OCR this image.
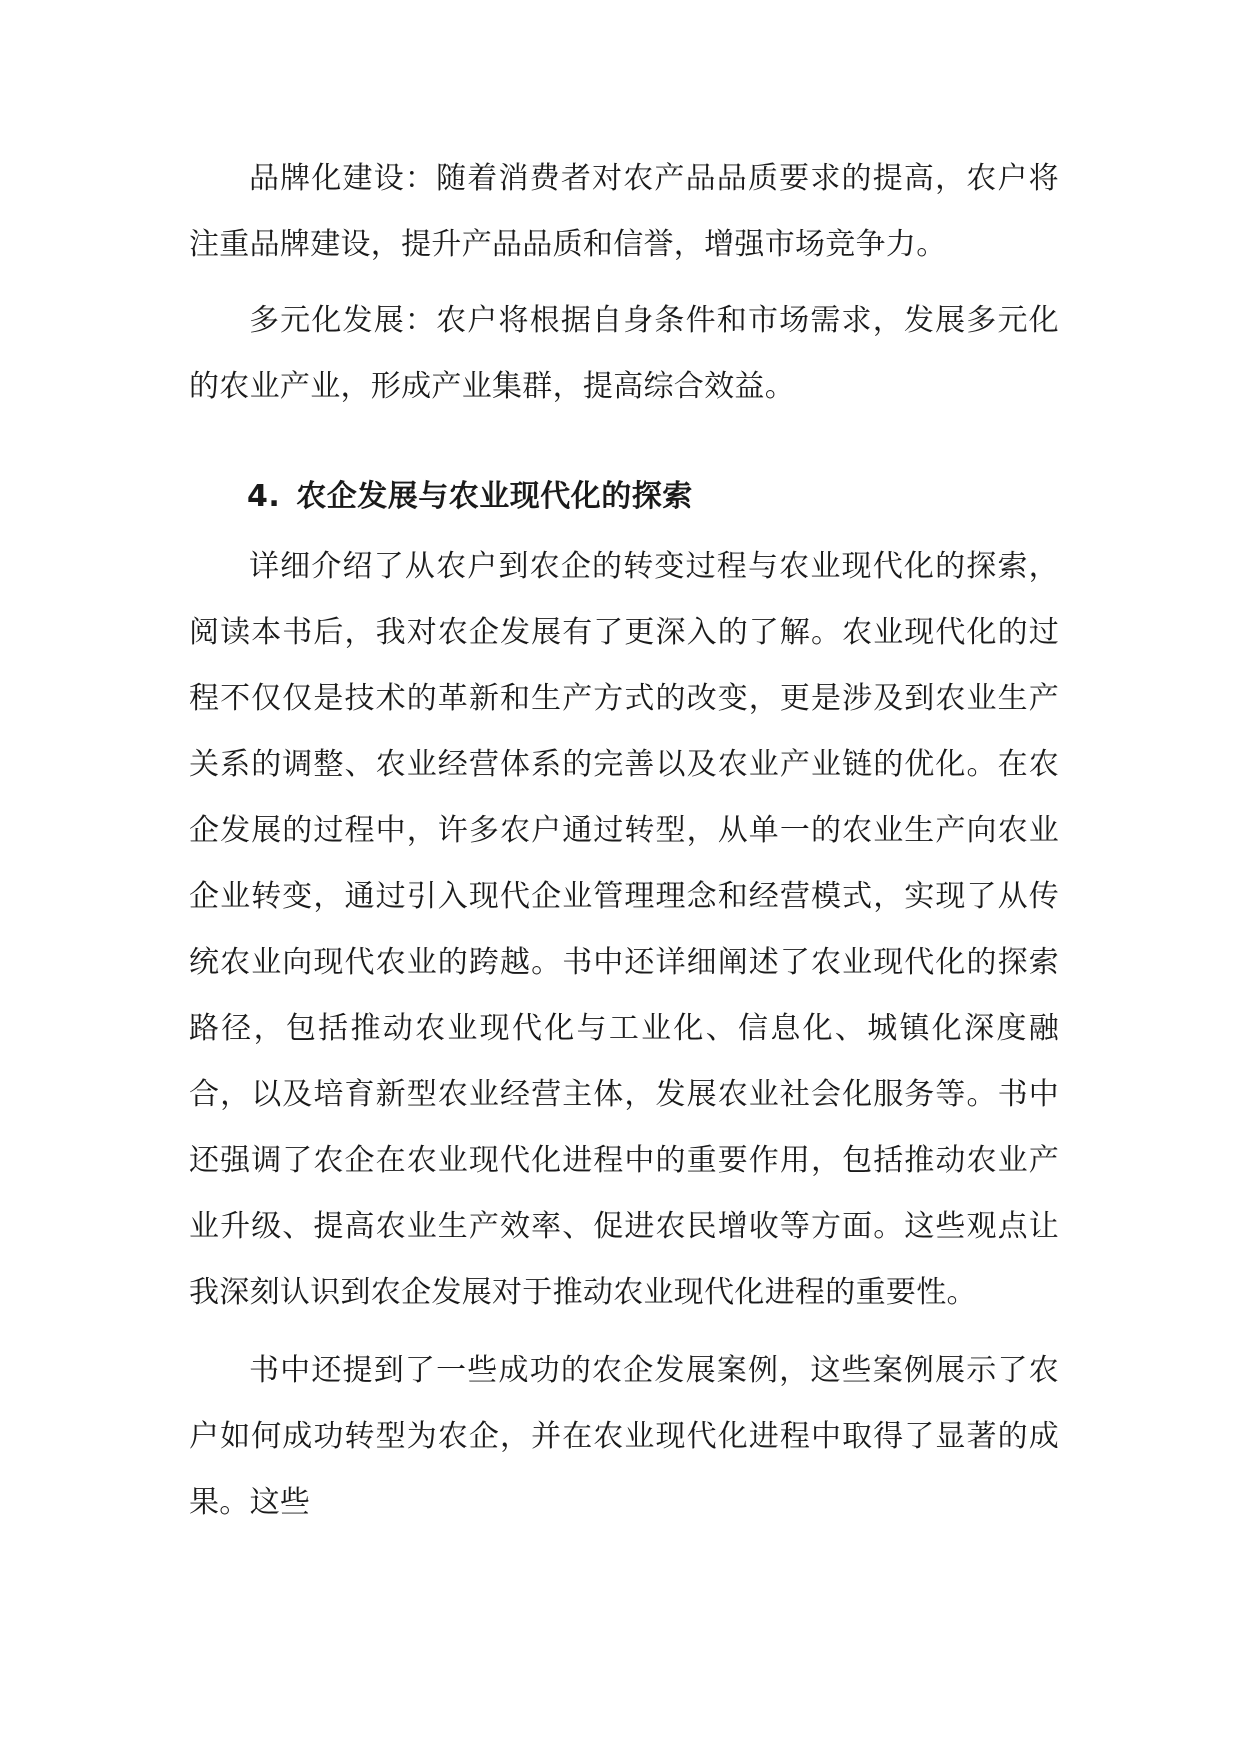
品牌化建设：随着消费者对农产品品质要求的提高，农户将注重品牌建设，提升产品品质和信誉，增强市场竞争力。

多元化发展：农户将根据自身条件和市场需求，发展多元化的农业产业，形成产业集群，提高综合效益。

4. 农企发展与农业现代化的探索

详细介绍了从农户到农企的转变过程与农业现代化的探索，阅读本书后，我对农企发展有了更深入的了解。农业现代化的过程不仅仅是技术的革新和生产方式的改变，更是涉及到农业生产关系的调整、农业经营体系的完善以及农业产业链的优化。在农企发展的过程中，许多农户通过转型，从单一的农业生产向农业企业转变，通过引入现代企业管理理念和经营模式，实现了从传统农业向现代农业的跨越。书中还详细阐述了农业现代化的探索路径，包括推动农业现代化与工业化、信息化、城镇化深度融合，以及培育新型农业经营主体，发展农业社会化服务等。书中还强调了农企在农业现代化进程中的重要作用，包括推动农业产业升级、提高农业生产效率、促进农民增收等方面。这些观点让我深刻认识到农企发展对于推动农业现代化进程的重要性。

书中还提到了一些成功的农企发展案例，这些案例展示了农户如何成功转型为农企，并在农业现代化进程中取得了显著的成果。这些
